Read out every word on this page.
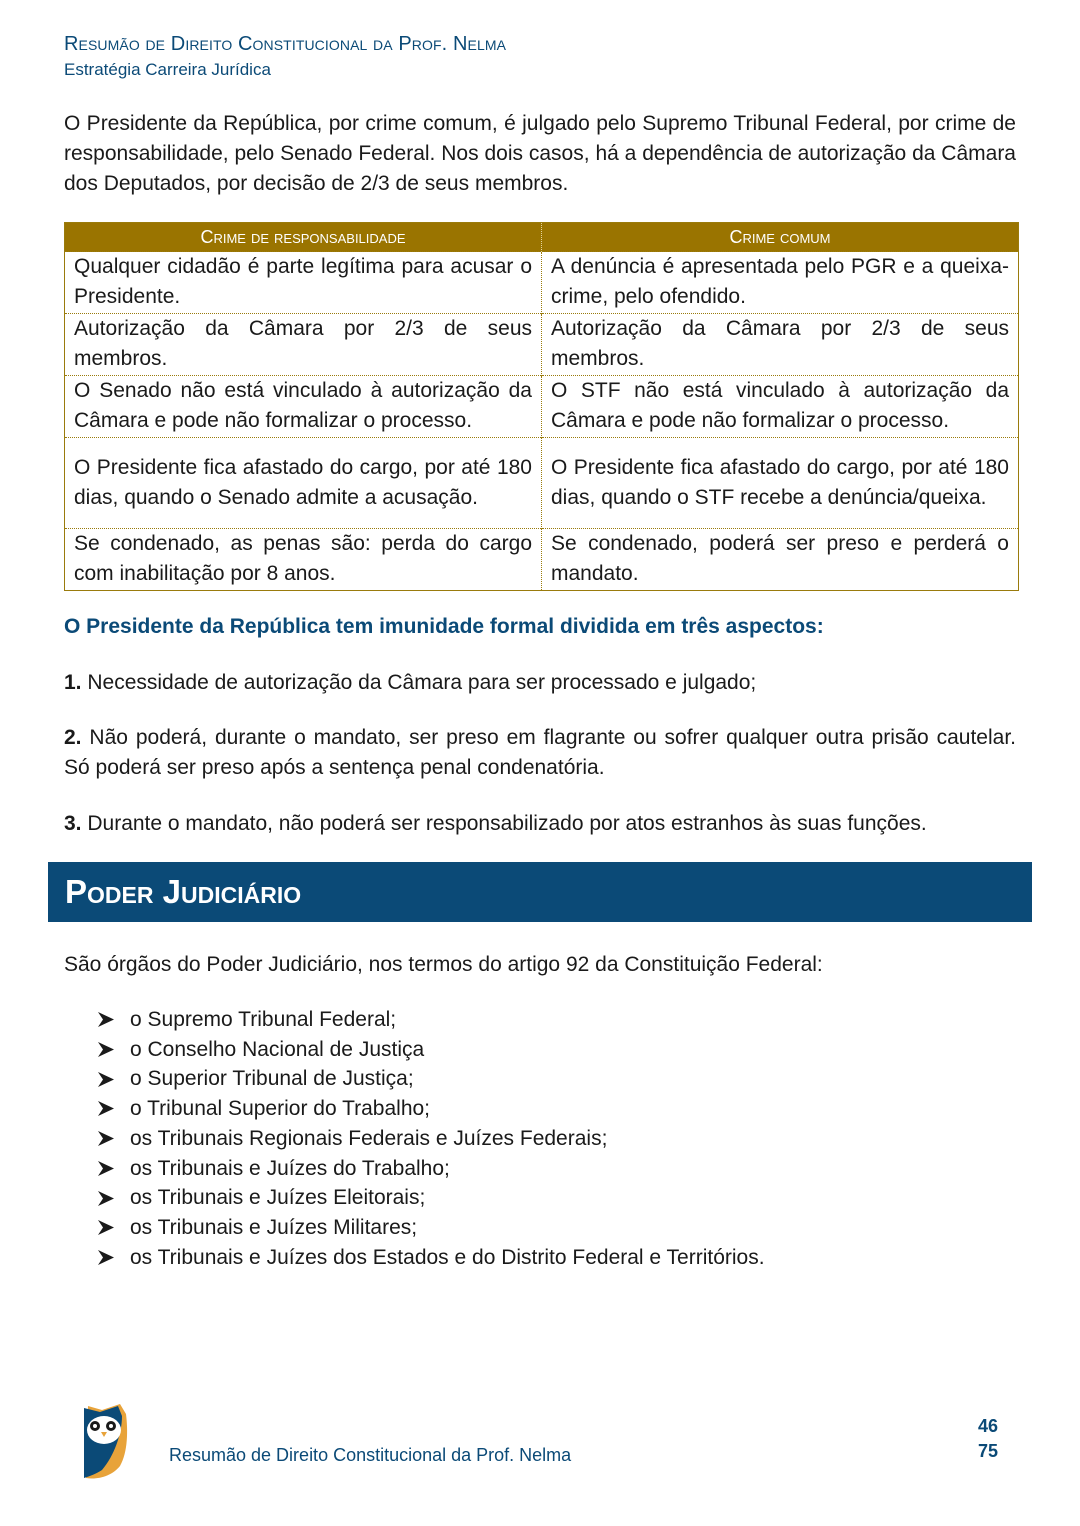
Resumão de Direito Constitucional da Prof. Nelma
Estratégia Carreira Jurídica

O Presidente da República, por crime comum, é julgado pelo Supremo Tribunal Federal, por crime de responsabilidade, pelo Senado Federal. Nos dois casos, há a dependência de autorização da Câmara dos Deputados, por decisão de 2/3 de seus membros.

Crime de responsabilidade	Crime comum
Qualquer cidadão é parte legítima para acusar o Presidente.	A denúncia é apresentada pelo PGR e a queixa-crime, pelo ofendido.
Autorização da Câmara por 2/3 de seus membros.	Autorização da Câmara por 2/3 de seus membros.
O Senado não está vinculado à autorização da Câmara e pode não formalizar o processo.	O STF não está vinculado à autorização da Câmara e pode não formalizar o processo.
O Presidente fica afastado do cargo, por até 180 dias, quando o Senado admite a acusação.	O Presidente fica afastado do cargo, por até 180 dias, quando o STF recebe a denúncia/queixa.
Se condenado, as penas são: perda do cargo com inabilitação por 8 anos.	Se condenado, poderá ser preso e perderá o mandato.
O Presidente da República tem imunidade formal dividida em três aspectos:

1. Necessidade de autorização da Câmara para ser processado e julgado;

2. Não poderá, durante o mandato, ser preso em flagrante ou sofrer qualquer outra prisão cautelar. Só poderá ser preso após a sentença penal condenatória.

3. Durante o mandato, não poderá ser responsabilizado por atos estranhos às suas funções.

Poder Judiciário

São órgãos do Poder Judiciário, nos termos do artigo 92 da Constituição Federal:

o Supremo Tribunal Federal;
o Conselho Nacional de Justiça
o Superior Tribunal de Justiça;
o Tribunal Superior do Trabalho;
os Tribunais Regionais Federais e Juízes Federais;
os Tribunais e Juízes do Trabalho;
os Tribunais e Juízes Eleitorais;
os Tribunais e Juízes Militares;
os Tribunais e Juízes dos Estados e do Distrito Federal e Territórios.
Resumão de Direito Constitucional da Prof. Nelma
46
75
